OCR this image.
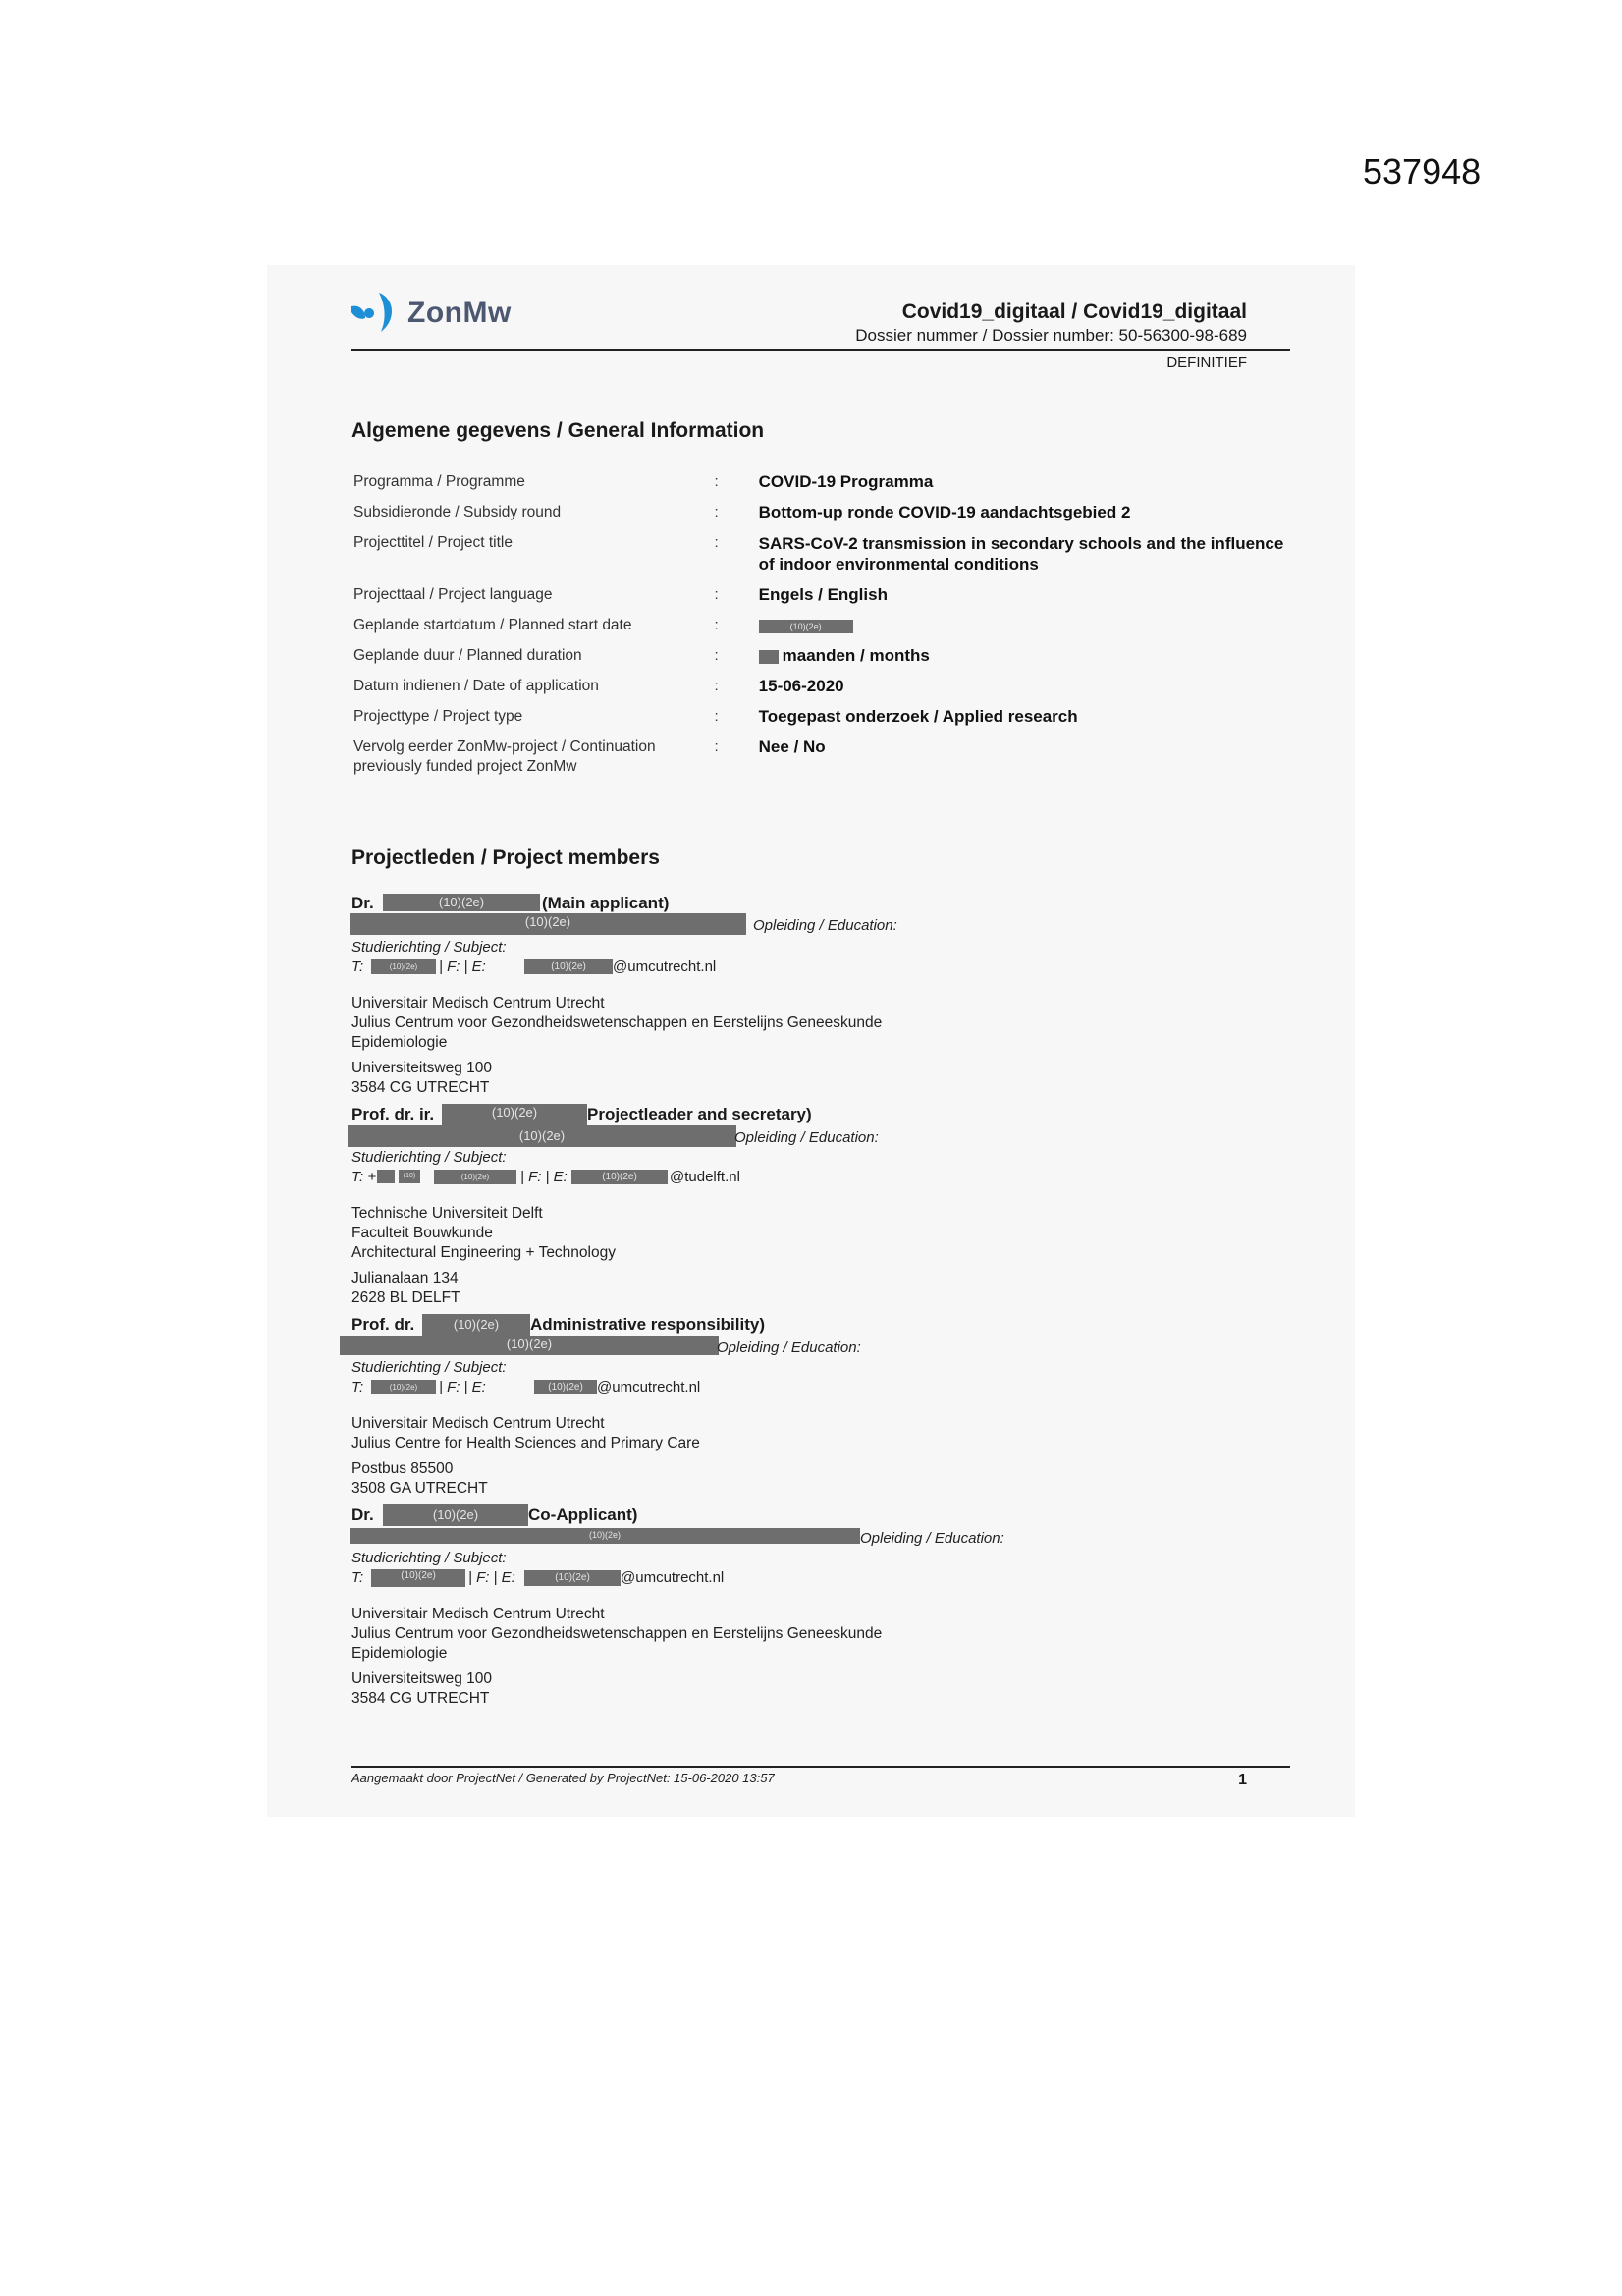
537948
ZonMw	Covid19_digitaal / Covid19_digitaal
Dossier nummer / Dossier number: 50-56300-98-689
DEFINITIEF
Algemene gegevens / General Information
Programma / Programme	:	COVID-19 Programma
Subsidieronde / Subsidy round	:	Bottom-up ronde COVID-19 aandachtsgebied 2
Projecttitel / Project title	:	SARS-CoV-2 transmission in secondary schools and the influence of indoor environmental conditions
Projecttaal / Project language	:	Engels / English
Geplande startdatum / Planned start date	:	(10)(2e)
Geplande duur / Planned duration	:	maanden / months
Datum indienen / Date of application	:	15-06-2020
Projecttype / Project type	:	Toegepast onderzoek / Applied research
Vervolg eerder ZonMw-project / Continuation previously funded project ZonMw	:	Nee / No
Projectleden / Project members
Dr.	(10)(2e)	(Main applicant)
(10)(2e)	Opleiding / Education:
Studierichting / Subject:
T:	(10)(2e)	| F: | E:	(10)(2e)	@umcutrecht.nl
Universitair Medisch Centrum Utrecht
Julius Centrum voor Gezondheidswetenschappen en Eerstelijns Geneeskunde
Epidemiologie
Universiteitsweg 100
3584 CG UTRECHT
Prof. dr. ir.	(10)(2e)	Projectleader and secretary)
(10)(2e)	Opleiding / Education:
Studierichting / Subject:
T: +	(10)	(10)(2e)	| F: | E:	(10)(2e)	@tudelft.nl
Technische Universiteit Delft
Faculteit Bouwkunde
Architectural Engineering + Technology
Julianalaan 134
2628 BL DELFT
Prof. dr.	(10)(2e)	Administrative responsibility)
(10)(2e)	Opleiding / Education:
Studierichting / Subject:
T:	(10)(2e)	| F: | E:	(10)(2e) @umcutrecht.nl
Universitair Medisch Centrum Utrecht
Julius Centre for Health Sciences and Primary Care
Postbus 85500
3508 GA UTRECHT
Dr.	(10)(2e)	Co-Applicant)
(10)(2e)	Opleiding / Education:
Studierichting / Subject:
T:	(10)(2e)	| F: | E:	(10)(2e)	@umcutrecht.nl
Universitair Medisch Centrum Utrecht
Julius Centrum voor Gezondheidswetenschappen en Eerstelijns Geneeskunde
Epidemiologie
Universiteitsweg 100
3584 CG UTRECHT
Aangemaakt door ProjectNet / Generated by ProjectNet: 15-06-2020 13:57	1
